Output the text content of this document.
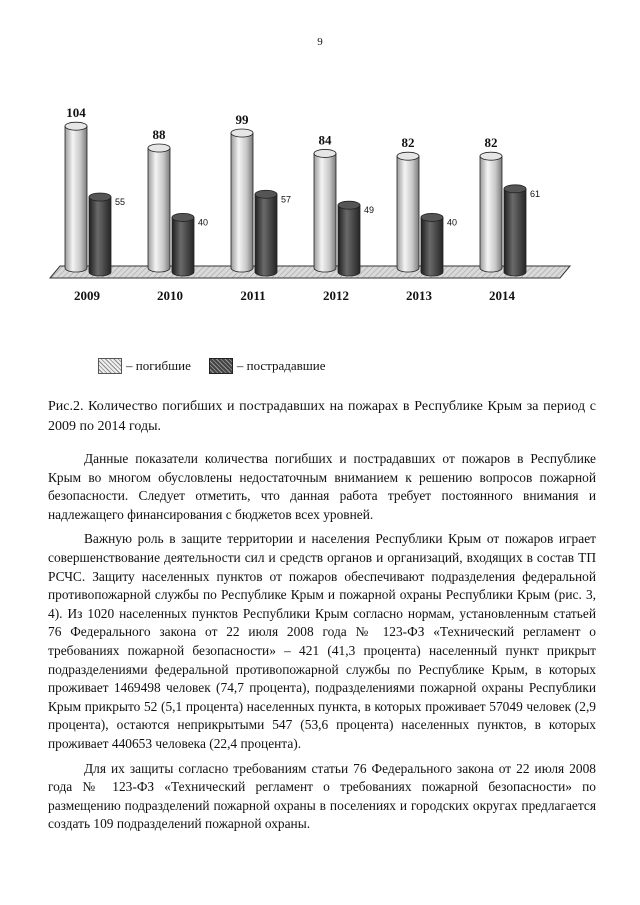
9
104
55
2009
88
40
2010
99
57
2011
84
49
2012
82
40
2013
82
61
2014
– погибшие	– пострадавшие
Рис.2. Количество погибших и пострадавших на пожарах в Республике Крым за период с 2009 по 2014 годы.

Данные показатели количества погибших и пострадавших от пожаров в Республике Крым во многом обусловлены недостаточным вниманием к решению вопросов пожарной безопасности. Следует отметить, что данная работа требует постоянного внимания и надлежащего финансирования с бюджетов всех уровней.

Важную роль в защите территории и населения Республики Крым от пожаров играет совершенствование деятельности сил и средств органов и организаций, входящих в состав ТП РСЧС. Защиту населенных пунктов от пожаров обеспечивают подразделения федеральной противопожарной службы по Республике Крым и пожарной охраны Республики Крым (рис. 3, 4). Из 1020 населенных пунктов Республики Крым согласно нормам, установленным статьей 76 Федерального закона от 22 июля 2008 года № 123-ФЗ «Технический регламент о требованиях пожарной безопасности» – 421 (41,3 процента) населенный пункт прикрыт подразделениями федеральной противопожарной службы по Республике Крым, в которых проживает 1469498 человек (74,7 процента), подразделениями пожарной охраны Республики Крым прикрыто 52 (5,1 процента) населенных пункта, в которых проживает 57049 человек (2,9 процента), остаются неприкрытыми 547 (53,6 процента) населенных пунктов, в которых проживает 440653 человека (22,4 процента).

Для их защиты согласно требованиям статьи 76 Федерального закона от 22 июля 2008 года № 123-ФЗ «Технический регламент о требованиях пожарной безопасности» по размещению подразделений пожарной охраны в поселениях и городских округах предлагается создать 109 подразделений пожарной охраны.
